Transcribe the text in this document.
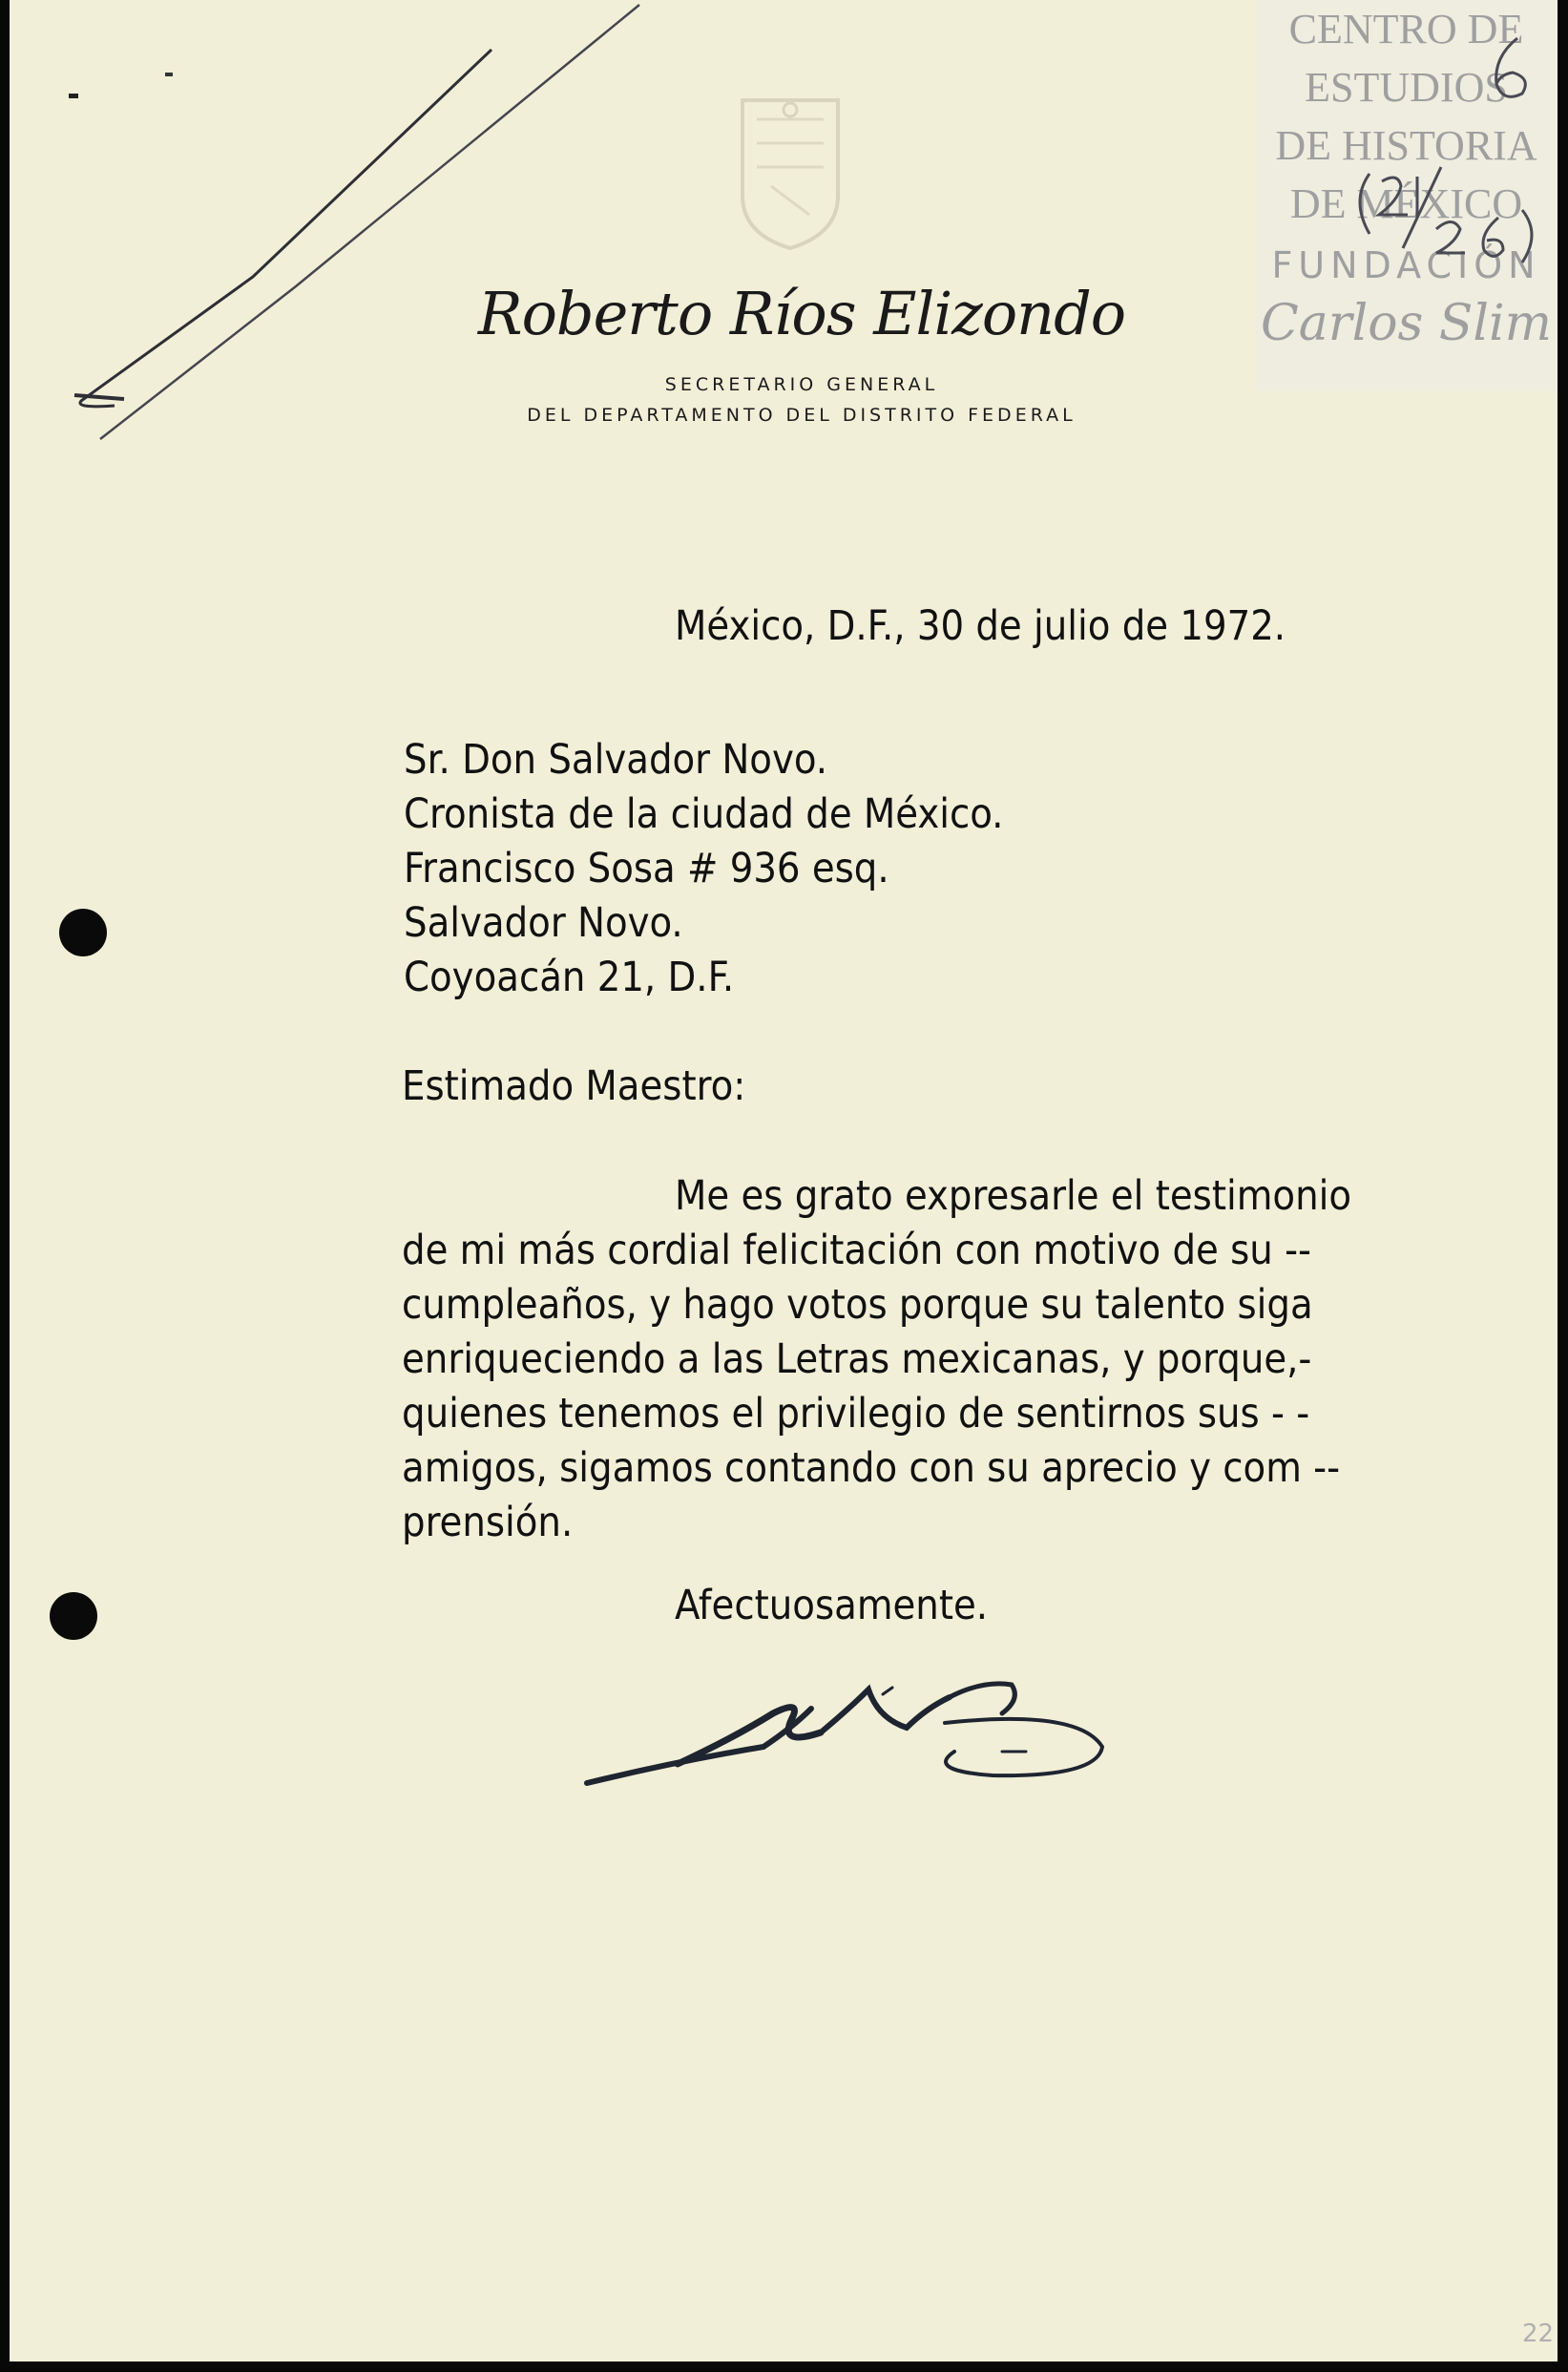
Roberto Ríos Elizondo
SECRETARIO GENERAL
DEL DEPARTAMENTO DEL DISTRITO FEDERAL
CENTRO DE
ESTUDIOS
DE HISTORIA
DE MÉXICO
FUNDACIÓN
Carlos Slim
México, D.F., 30 de julio de 1972.
Sr. Don Salvador Novo.
Cronista de la ciudad de México.
Francisco Sosa # 936 esq.
Salvador Novo.
Coyoacán 21, D.F.
Estimado Maestro:
Me es grato expresarle el testimonio
de mi más cordial felicitación con motivo de su --
cumpleaños, y hago votos porque su talento siga
enriqueciendo a las Letras mexicanas, y porque,-
quienes tenemos el privilegio de sentirnos sus - -
amigos, sigamos contando con su aprecio y com --
prensión.
Afectuosamente.
22
